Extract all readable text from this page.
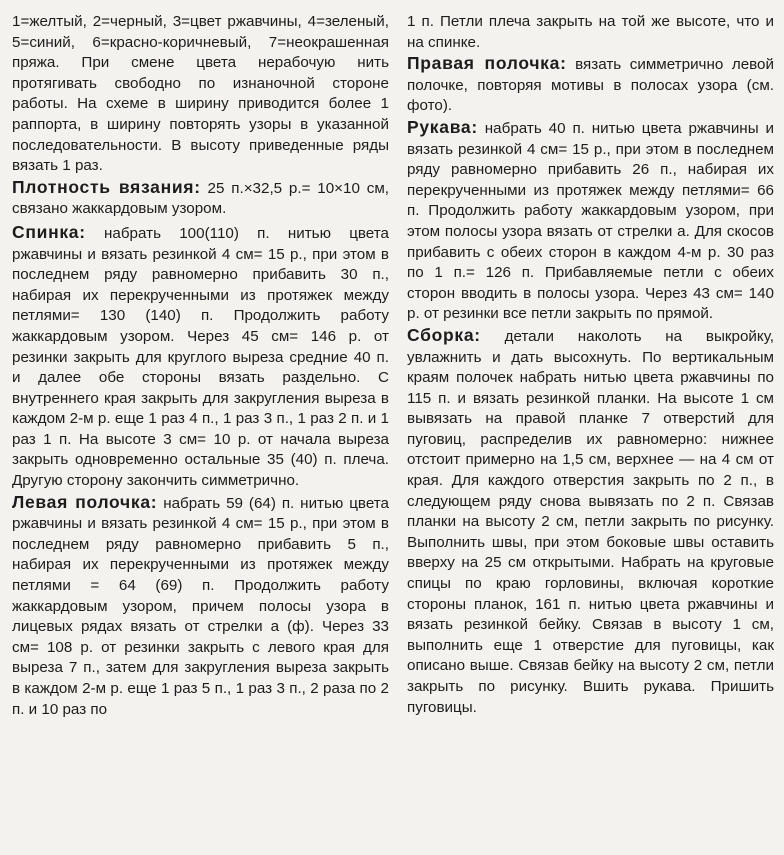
1=желтый, 2=черный, 3=цвет ржавчины, 4=зеленый, 5=синий, 6=красно-коричневый, 7=неокрашенная пряжа. При смене цвета нерабочую нить протягивать свободно по изнаночной стороне работы. На схеме в ширину приводится более 1 раппорта, в ширину повторять узоры в указанной последовательности. В высоту приведенные ряды вязать 1 раз.

Плотность вязания: 25 п.×32,5 р.= 10×10 см, связано жаккардовым узором.

Спинка: набрать 100(110) п. нитью цвета ржавчины и вязать резинкой 4 см= 15 р., при этом в последнем ряду равномерно прибавить 30 п., набирая их перекрученными из протяжек между петлями= 130 (140) п. Продолжить работу жаккардовым узором. Через 45 см= 146 р. от резинки закрыть для круглого выреза средние 40 п. и далее обе стороны вязать раздельно. С внутреннего края закрыть для закругления выреза в каждом 2-м р. еще 1 раз 4 п., 1 раз 3 п., 1 раз 2 п. и 1 раз 1 п. На высоте 3 см= 10 р. от начала выреза закрыть одновременно остальные 35 (40) п. плеча. Другую сторону закончить симметрично.

Левая полочка: набрать 59 (64) п. нитью цвета ржавчины и вязать резинкой 4 см= 15 р., при этом в последнем ряду равномерно прибавить 5 п., набирая их перекрученными из протяжек между петлями = 64 (69) п. Продолжить работу жаккардовым узором, причем полосы узора в лицевых рядах вязать от стрелки а (ф). Через 33 см= 108 р. от резинки закрыть с левого края для выреза 7 п., затем для закругления выреза закрыть в каждом 2-м р. еще 1 раз 5 п., 1 раз 3 п., 2 раза по 2 п. и 10 раз по

1 п. Петли плеча закрыть на той же высоте, что и на спинке.

Правая полочка: вязать симметрично левой полочке, повторяя мотивы в полосах узора (см. фото).

Рукава: набрать 40 п. нитью цвета ржавчины и вязать резинкой 4 см= 15 р., при этом в последнем ряду равномерно прибавить 26 п., набирая их перекрученными из протяжек между петлями= 66 п. Продолжить работу жаккардовым узором, при этом полосы узора вязать от стрелки а. Для скосов прибавить с обеих сторон в каждом 4-м р. 30 раз по 1 п.= 126 п. Прибавляемые петли с обеих сторон вводить в полосы узора. Через 43 см= 140 р. от резинки все петли закрыть по прямой.

Сборка: детали наколоть на выкройку, увлажнить и дать высохнуть. По вертикальным краям полочек набрать нитью цвета ржавчины по 115 п. и вязать резинкой планки. На высоте 1 см вывязать на правой планке 7 отверстий для пуговиц, распределив их равномерно: нижнее отстоит примерно на 1,5 см, верхнее — на 4 см от края. Для каждого отверстия закрыть по 2 п., в следующем ряду снова вывязать по 2 п. Связав планки на высоту 2 см, петли закрыть по рисунку. Выполнить швы, при этом боковые швы оставить вверху на 25 см открытыми. Набрать на круговые спицы по краю горловины, включая короткие стороны планок, 161 п. нитью цвета ржавчины и вязать резинкой бейку. Связав в высоту 1 см, выполнить еще 1 отверстие для пуговицы, как описано выше. Связав бейку на высоту 2 см, петли закрыть по рисунку. Вшить рукава. Пришить пуговицы.
